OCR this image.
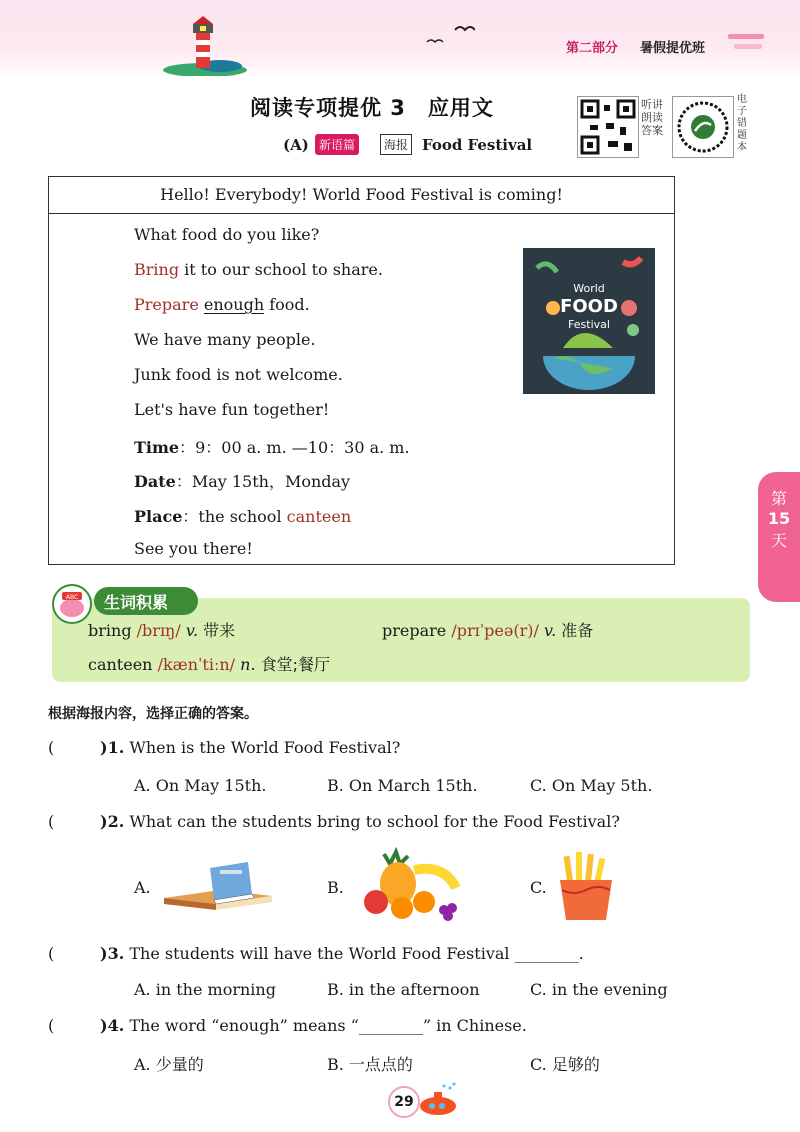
第二部分 暑假提优班
阅读专项提优 3　应用文
(A) 新语篇	海报 Food Festival
听讲朗读答案
电子错题本
Hello! Everybody! World Food Festival is coming!
What food do you like?
Bring it to our school to share.
Prepare enough food.
We have many people.
Junk food is not welcome.
Let's have fun together!
Time：9：00 a. m. —10：30 a. m.
Date：May 15th，Monday
Place：the school canteen
See you there!
World
FOOD
Festival
第
15
天
ABC 生词积累
bring /brɪŋ/ v. 带来	prepare /prɪˈpeə(r)/ v. 准备
canteen /kænˈtiːn/ n. 食堂;餐厅
根据海报内容，选择正确的答案。
(	)1. When is the World Food Festival?
A. On May 15th.	B. On March 15th.	C. On May 5th.
(	)2. What can the students bring to school for the Food Festival?
A.	B.	C.
(	)3. The students will have the World Food Festival ________.
A. in the morning	B. in the afternoon	C. in the evening
(	)4. The word “enough” means “________” in Chinese.
A. 少量的	B. 一点点的	C. 足够的
29
